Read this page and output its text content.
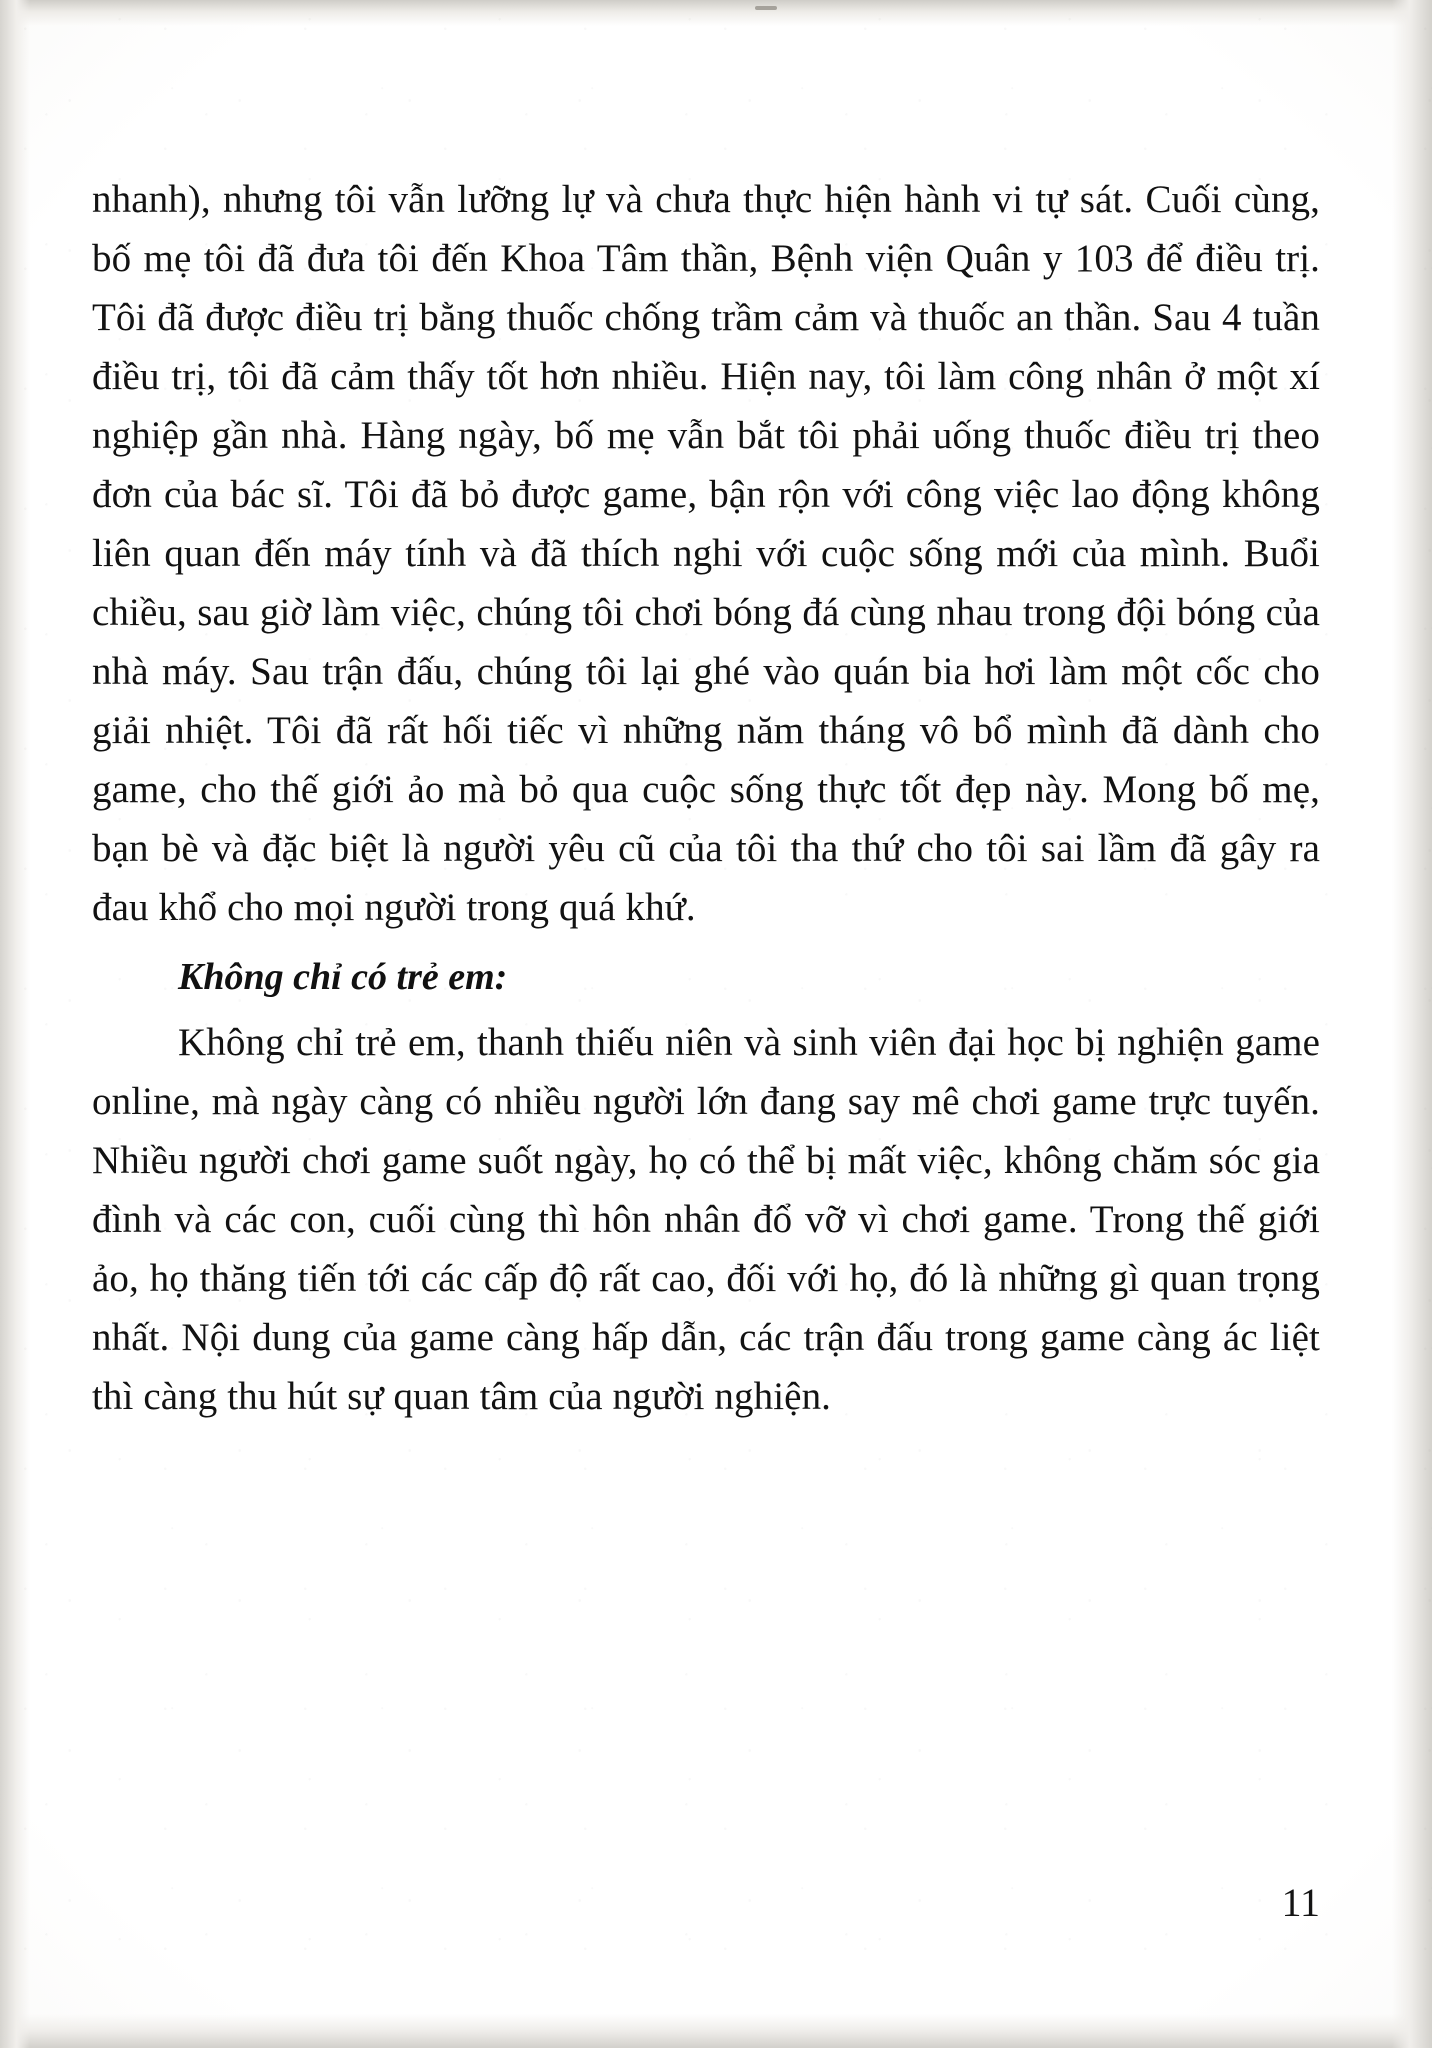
nhanh), nhưng tôi vẫn lưỡng lự và chưa thực hiện hành vi tự sát. Cuối cùng, bố mẹ tôi đã đưa tôi đến Khoa Tâm thần, Bệnh viện Quân y 103 để điều trị. Tôi đã được điều trị bằng thuốc chống trầm cảm và thuốc an thần. Sau 4 tuần điều trị, tôi đã cảm thấy tốt hơn nhiều. Hiện nay, tôi làm công nhân ở một xí nghiệp gần nhà. Hàng ngày, bố mẹ vẫn bắt tôi phải uống thuốc điều trị theo đơn của bác sĩ. Tôi đã bỏ được game, bận rộn với công việc lao động không liên quan đến máy tính và đã thích nghi với cuộc sống mới của mình. Buổi chiều, sau giờ làm việc, chúng tôi chơi bóng đá cùng nhau trong đội bóng của nhà máy. Sau trận đấu, chúng tôi lại ghé vào quán bia hơi làm một cốc cho giải nhiệt. Tôi đã rất hối tiếc vì những năm tháng vô bổ mình đã dành cho game, cho thế giới ảo mà bỏ qua cuộc sống thực tốt đẹp này. Mong bố mẹ, bạn bè và đặc biệt là người yêu cũ của tôi tha thứ cho tôi sai lầm đã gây ra đau khổ cho mọi người trong quá khứ.

Không chỉ có trẻ em:

Không chỉ trẻ em, thanh thiếu niên và sinh viên đại học bị nghiện game online, mà ngày càng có nhiều người lớn đang say mê chơi game trực tuyến. Nhiều người chơi game suốt ngày, họ có thể bị mất việc, không chăm sóc gia đình và các con, cuối cùng thì hôn nhân đổ vỡ vì chơi game. Trong thế giới ảo, họ thăng tiến tới các cấp độ rất cao, đối với họ, đó là những gì quan trọng nhất. Nội dung của game càng hấp dẫn, các trận đấu trong game càng ác liệt thì càng thu hút sự quan tâm của người nghiện.

11
